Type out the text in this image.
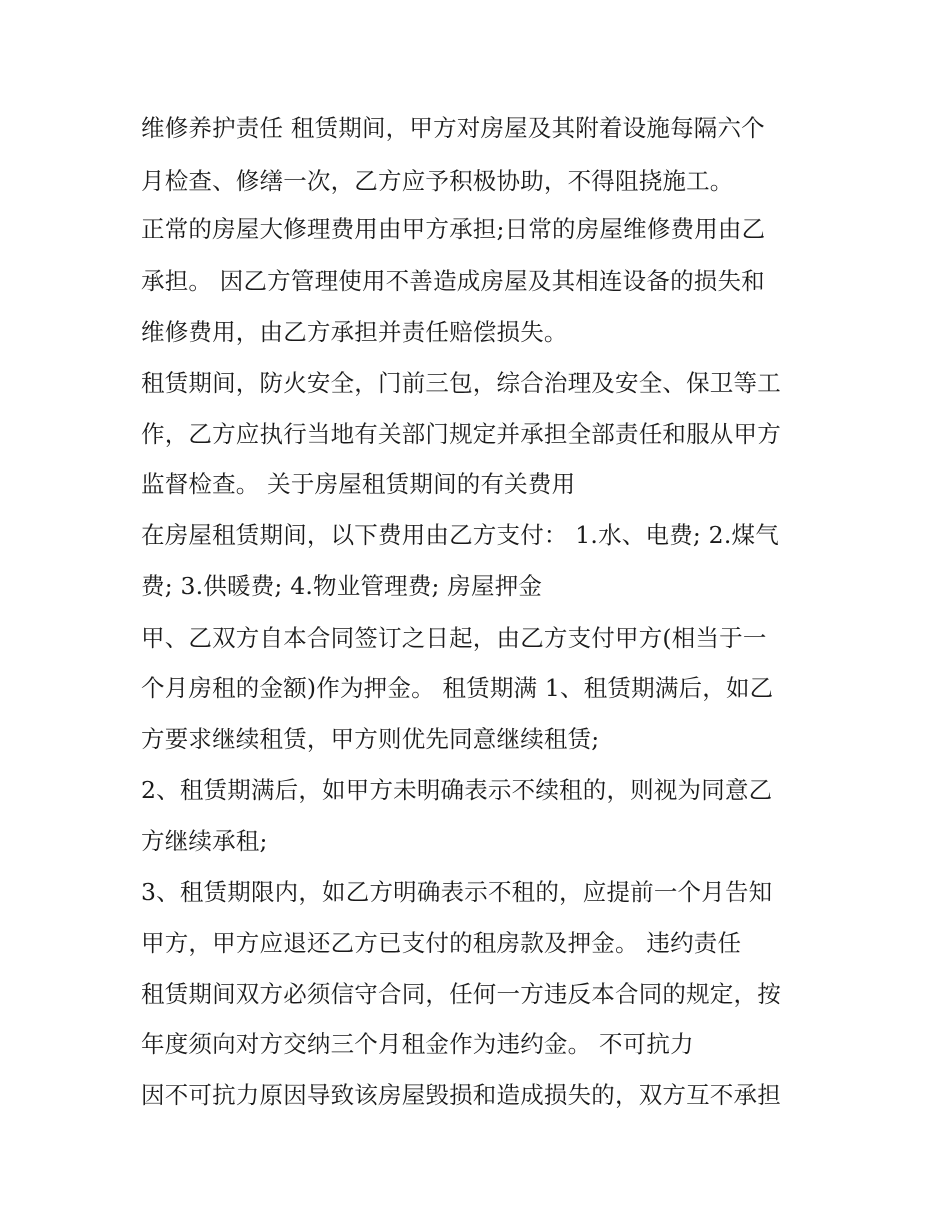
维修养护责任 租赁期间，甲方对房屋及其附着设施每隔六个
月检查、修缮一次，乙方应予积极协助，不得阻挠施工。
正常的房屋大修理费用由甲方承担;日常的房屋维修费用由乙
承担。 因乙方管理使用不善造成房屋及其相连设备的损失和
维修费用，由乙方承担并责任赔偿损失。
租赁期间，防火安全，门前三包，综合治理及安全、保卫等工
作，乙方应执行当地有关部门规定并承担全部责任和服从甲方
监督检查。 关于房屋租赁期间的有关费用
在房屋租赁期间，以下费用由乙方支付： 1.水、电费; 2.煤气
费; 3.供暖费; 4.物业管理费; 房屋押金
甲、乙双方自本合同签订之日起，由乙方支付甲方(相当于一
个月房租的金额)作为押金。 租赁期满 1、租赁期满后，如乙
方要求继续租赁，甲方则优先同意继续租赁;
2、租赁期满后，如甲方未明确表示不续租的，则视为同意乙
方继续承租;
3、租赁期限内，如乙方明确表示不租的，应提前一个月告知
甲方，甲方应退还乙方已支付的租房款及押金。 违约责任
租赁期间双方必须信守合同，任何一方违反本合同的规定，按
年度须向对方交纳三个月租金作为违约金。 不可抗力
因不可抗力原因导致该房屋毁损和造成损失的，双方互不承担
